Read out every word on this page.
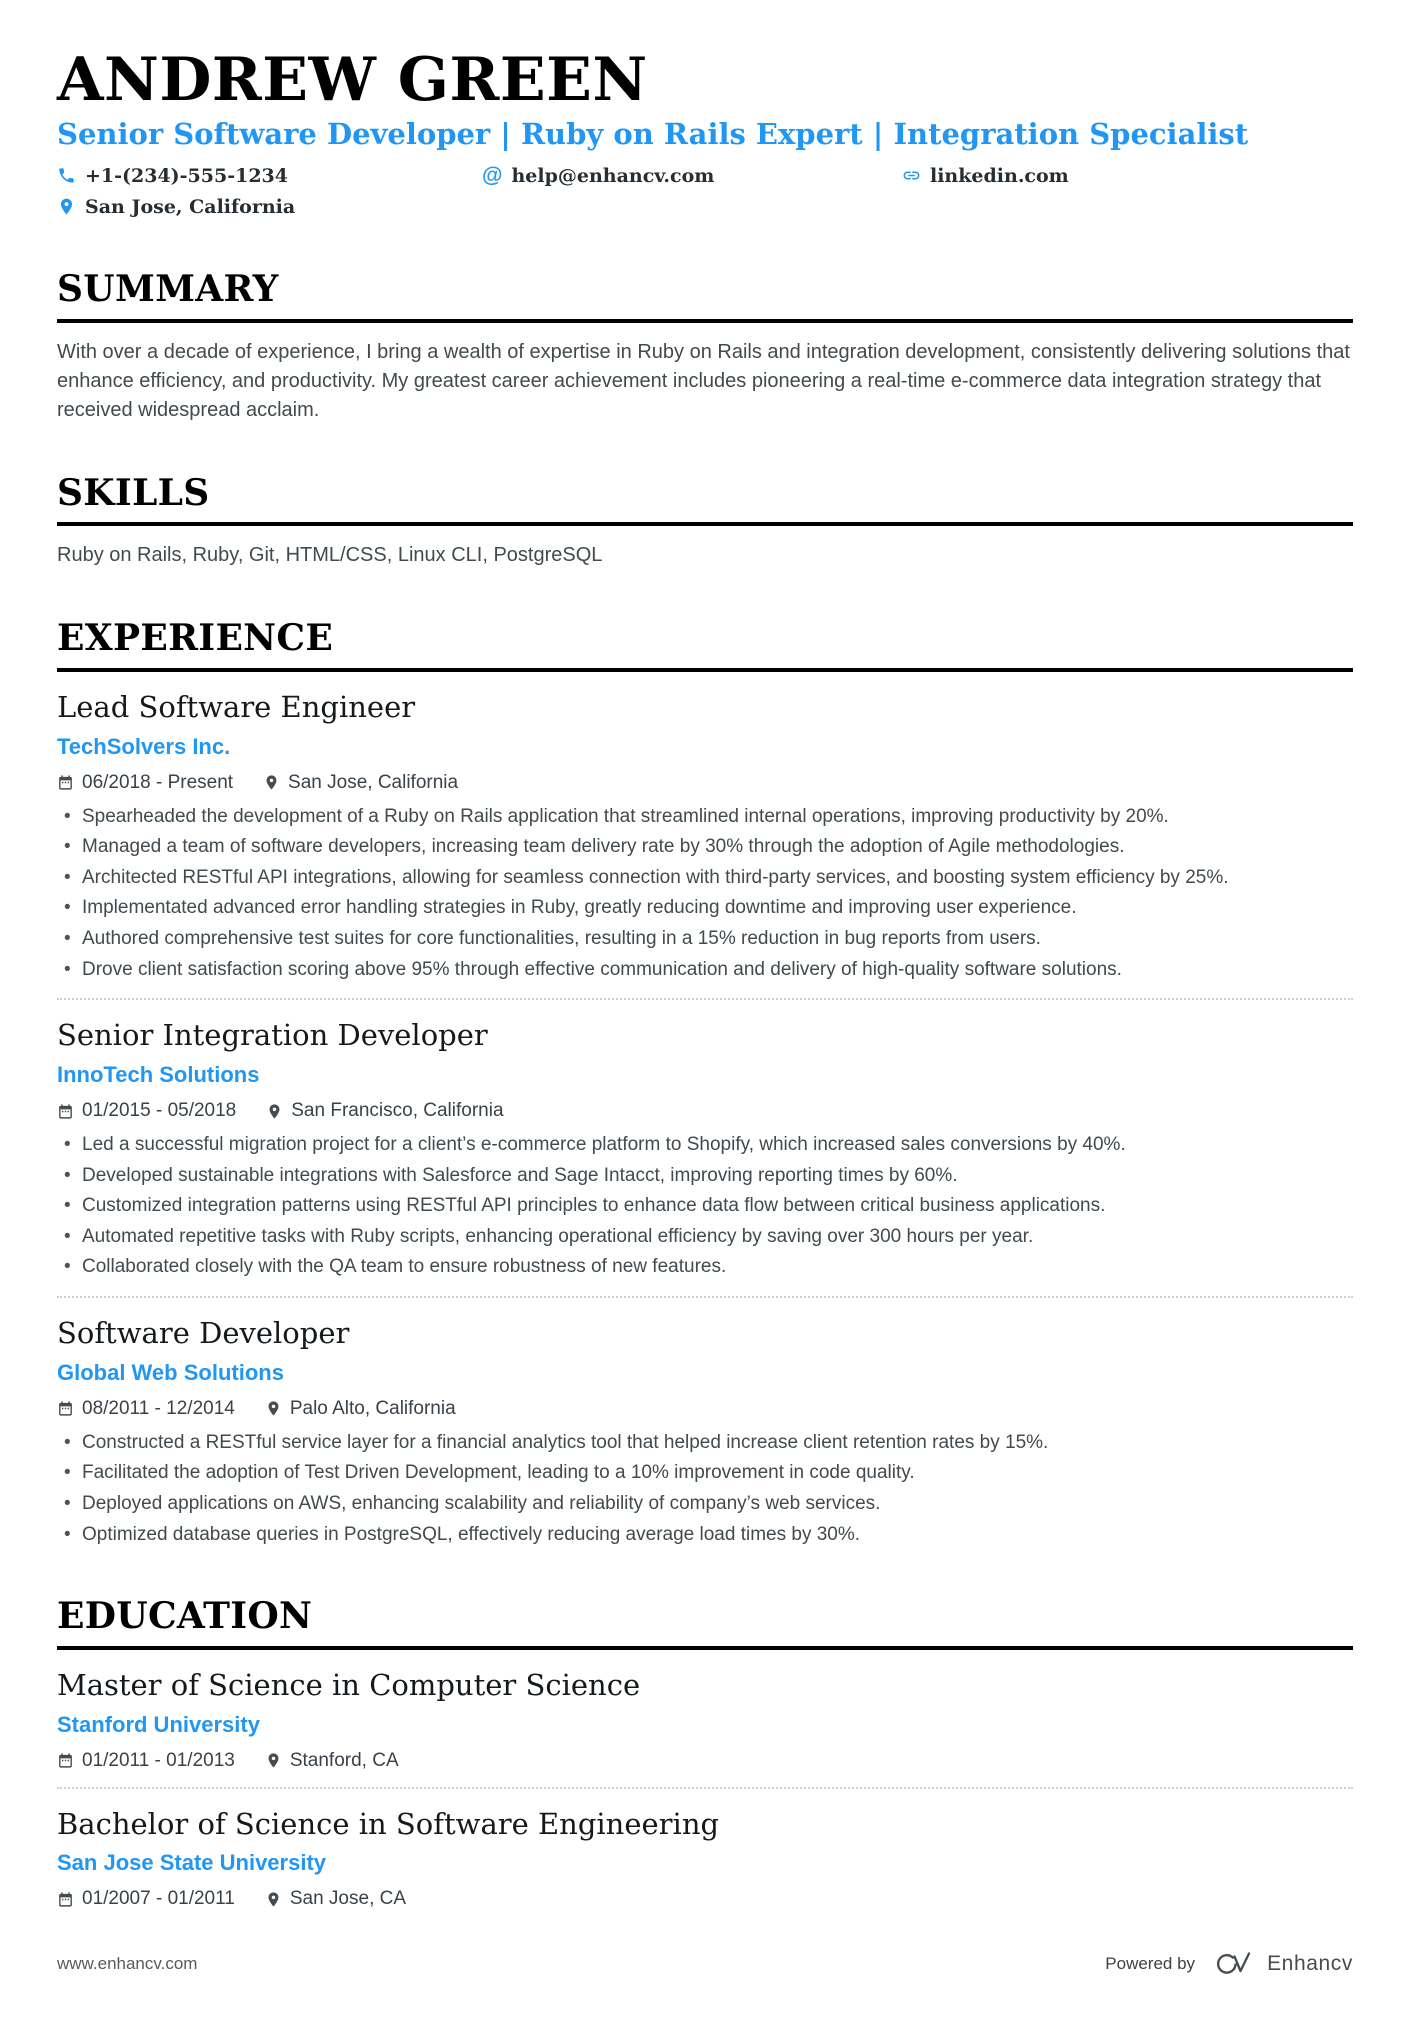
ANDREW GREEN
Senior Software Developer | Ruby on Rails Expert | Integration Specialist
+1-(234)-555-1234	@ help@enhancv.com	linkedin.com
San Jose, California
SUMMARY

With over a decade of experience, I bring a wealth of expertise in Ruby on Rails and integration development, consistently delivering solutions that enhance efficiency, and productivity. My greatest career achievement includes pioneering a real-time e-commerce data integration strategy that received widespread acclaim.

SKILLS

Ruby on Rails, Ruby, Git, HTML/CSS, Linux CLI, PostgreSQL

EXPERIENCE
Lead Software Engineer
TechSolvers Inc.
06/2018 - Present	San Jose, California
• Spearheaded the development of a Ruby on Rails application that streamlined internal operations, improving productivity by 20%.
• Managed a team of software developers, increasing team delivery rate by 30% through the adoption of Agile methodologies.
• Architected RESTful API integrations, allowing for seamless connection with third-party services, and boosting system efficiency by 25%.
• Implementated advanced error handling strategies in Ruby, greatly reducing downtime and improving user experience.
• Authored comprehensive test suites for core functionalities, resulting in a 15% reduction in bug reports from users.
• Drove client satisfaction scoring above 95% through effective communication and delivery of high-quality software solutions.
Senior Integration Developer
InnoTech Solutions
01/2015 - 05/2018	San Francisco, California
• Led a successful migration project for a client’s e-commerce platform to Shopify, which increased sales conversions by 40%.
• Developed sustainable integrations with Salesforce and Sage Intacct, improving reporting times by 60%.
• Customized integration patterns using RESTful API principles to enhance data flow between critical business applications.
• Automated repetitive tasks with Ruby scripts, enhancing operational efficiency by saving over 300 hours per year.
• Collaborated closely with the QA team to ensure robustness of new features.
Software Developer
Global Web Solutions
08/2011 - 12/2014	Palo Alto, California
• Constructed a RESTful service layer for a financial analytics tool that helped increase client retention rates by 15%.
• Facilitated the adoption of Test Driven Development, leading to a 10% improvement in code quality.
• Deployed applications on AWS, enhancing scalability and reliability of company’s web services.
• Optimized database queries in PostgreSQL, effectively reducing average load times by 30%.
EDUCATION
Master of Science in Computer Science
Stanford University
01/2011 - 01/2013	Stanford, CA
Bachelor of Science in Software Engineering
San Jose State University
01/2007 - 01/2011	San Jose, CA
www.enhancv.com	Powered by	Enhancv
